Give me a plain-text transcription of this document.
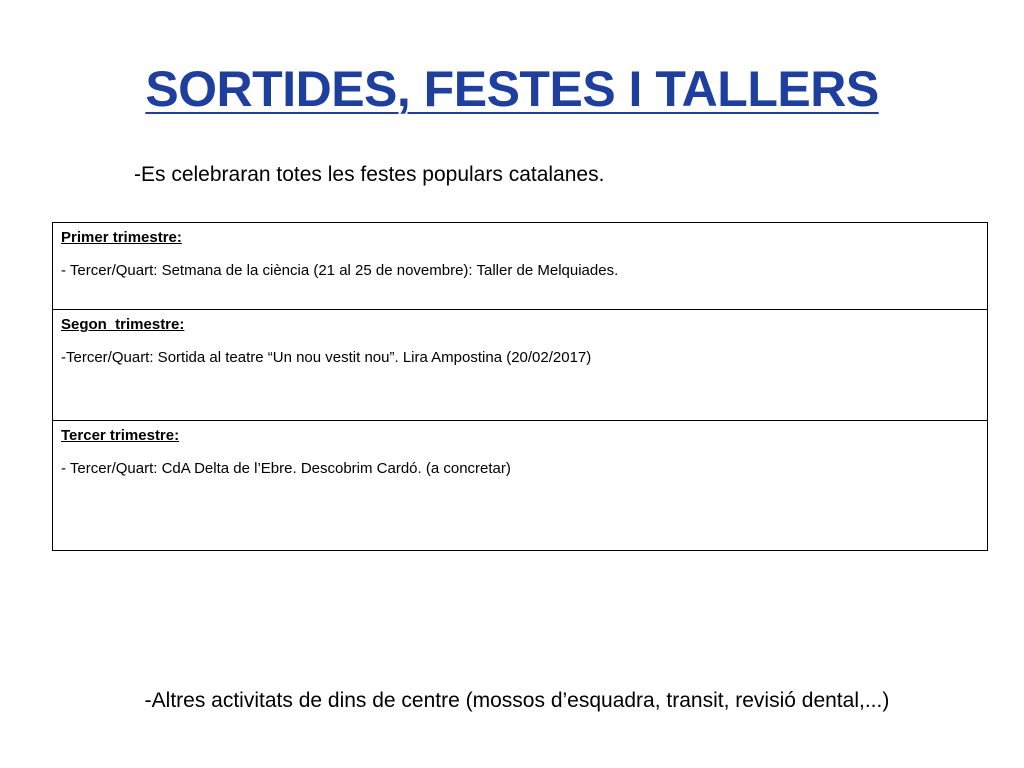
SORTIDES, FESTES I TALLERS

-Es celebraran totes les festes populars catalanes.

Primer trimestre:

- Tercer/Quart: Setmana de la ciència (21 al 25 de novembre): Taller de Melquiades.

Segon  trimestre:

-Tercer/Quart: Sortida al teatre “Un nou vestit nou”. Lira Ampostina (20/02/2017)

Tercer trimestre:

- Tercer/Quart: CdA Delta de l’Ebre. Descobrim Cardó. (a concretar)

-Altres activitats de dins de centre (mossos d’esquadra, transit, revisió dental,...)
